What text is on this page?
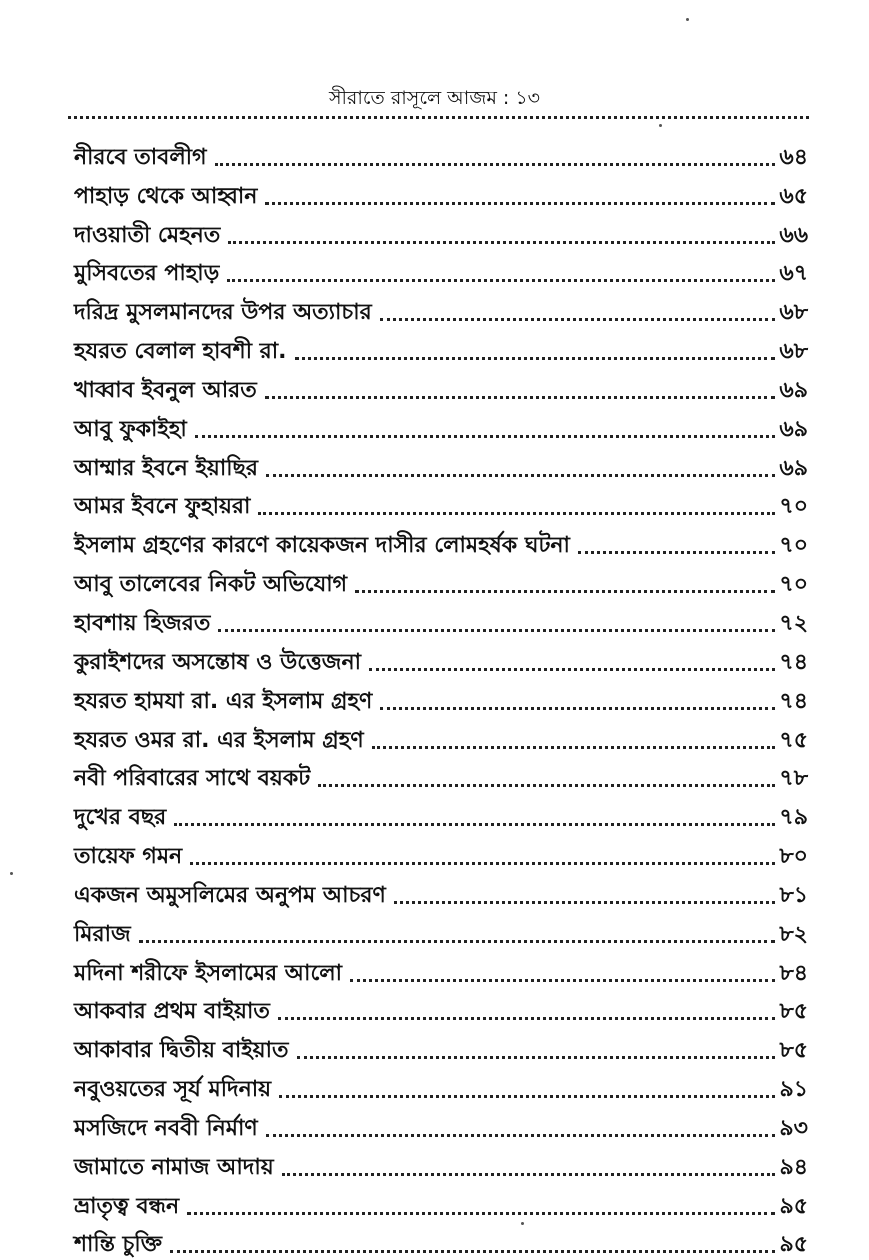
সীরাতে রাসূলে আজম : ১৩
নীরবে তাবলীগ	৬৪
পাহাড় থেকে আহ্বান	৬৫
দাওয়াতী মেহনত	৬৬
মুসিবতের পাহাড়	৬৭
দরিদ্র মুসলমানদের উপর অত্যাচার	৬৮
হযরত বেলাল হাবশী রা.	৬৮
খাব্বাব ইবনুল আরত	৬৯
আবু ফুকাইহা	৬৯
আম্মার ইবনে ইয়াছির	৬৯
আমর ইবনে ফুহায়রা	৭০
ইসলাম গ্রহণের কারণে কায়েকজন দাসীর লোমহর্ষক ঘটনা	৭০
আবু তালেবের নিকট অভিযোগ	৭০
হাবশায় হিজরত	৭২
কুরাইশদের অসন্তোষ ও উত্তেজনা	৭৪
হযরত হামযা রা. এর ইসলাম গ্রহণ	৭৪
হযরত ওমর রা. এর ইসলাম গ্রহণ	৭৫
নবী পরিবারের সাথে বয়কট	৭৮
দুখের বছর	৭৯
তায়েফ গমন	৮০
একজন অমুসলিমের অনুপম আচরণ	৮১
মিরাজ	৮২
মদিনা শরীফে ইসলামের আলো	৮৪
আকবার প্রথম বাইয়াত	৮৫
আকাবার দ্বিতীয় বাইয়াত	৮৫
নবুওয়তের সূর্য মদিনায়	৯১
মসজিদে নববী নির্মাণ	৯৩
জামাতে নামাজ আদায়	৯৪
ভ্রাতৃত্ব বন্ধন	৯৫
শান্তি চুক্তি	৯৫
